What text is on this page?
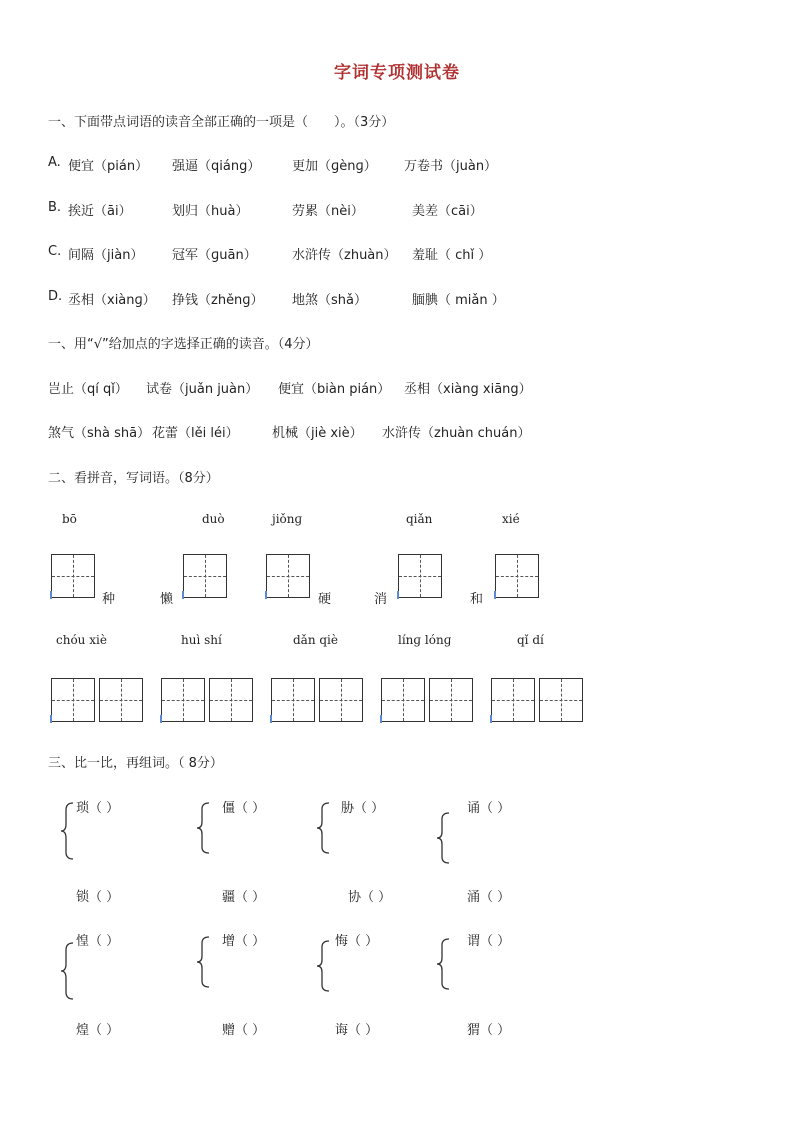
字词专项测试卷
一、下面带点词语的读音全部正确的一项是（　　）。（3分）
A. 便宜（pián） 强逼（qiáng） 更加（ɡènɡ） 万卷书（juàn）
B. 挨近（āi）	划归（huà）	劳累（nèi）	美差（cāi）
C. 间隔（jiàn） 冠军（ɡuān）	水浒传（zhuàn） 羞耻（ chǐ ）
D. 丞相（xiànɡ） 挣钱（zhěnɡ） 地煞（shǎ）	腼腆（ miǎn ）
一、用“√”给加点的字选择正确的读音。（4分）
岂止（qí qǐ） 试卷（juǎn juàn） 便宜（biàn pián） 丞相（xiàng xiāng）
煞气（shà shā） 花蕾（lěi léi）	机械（jiè xiè） 水浒传（zhuàn chuán）
二、看拼音，写词语。（8分）
bō	duò	jiǒnɡ	qiǎn	xié
种	懒	硬	消	和
chóu xiè	huì shí	dǎn qiè	línɡ lónɡ	qǐ dí
三、比一比，再组词。（ 8分）
琐（ ）	僵（ ）	胁（ ）	诵（ ）
锁（ ）	疆（ ）	协（ ）	涌（ ）
惶（ ）	增（ ）	悔（ ）	谓（ ）
煌（ ）	赠（ ）	诲（ ）	猬（ ）
